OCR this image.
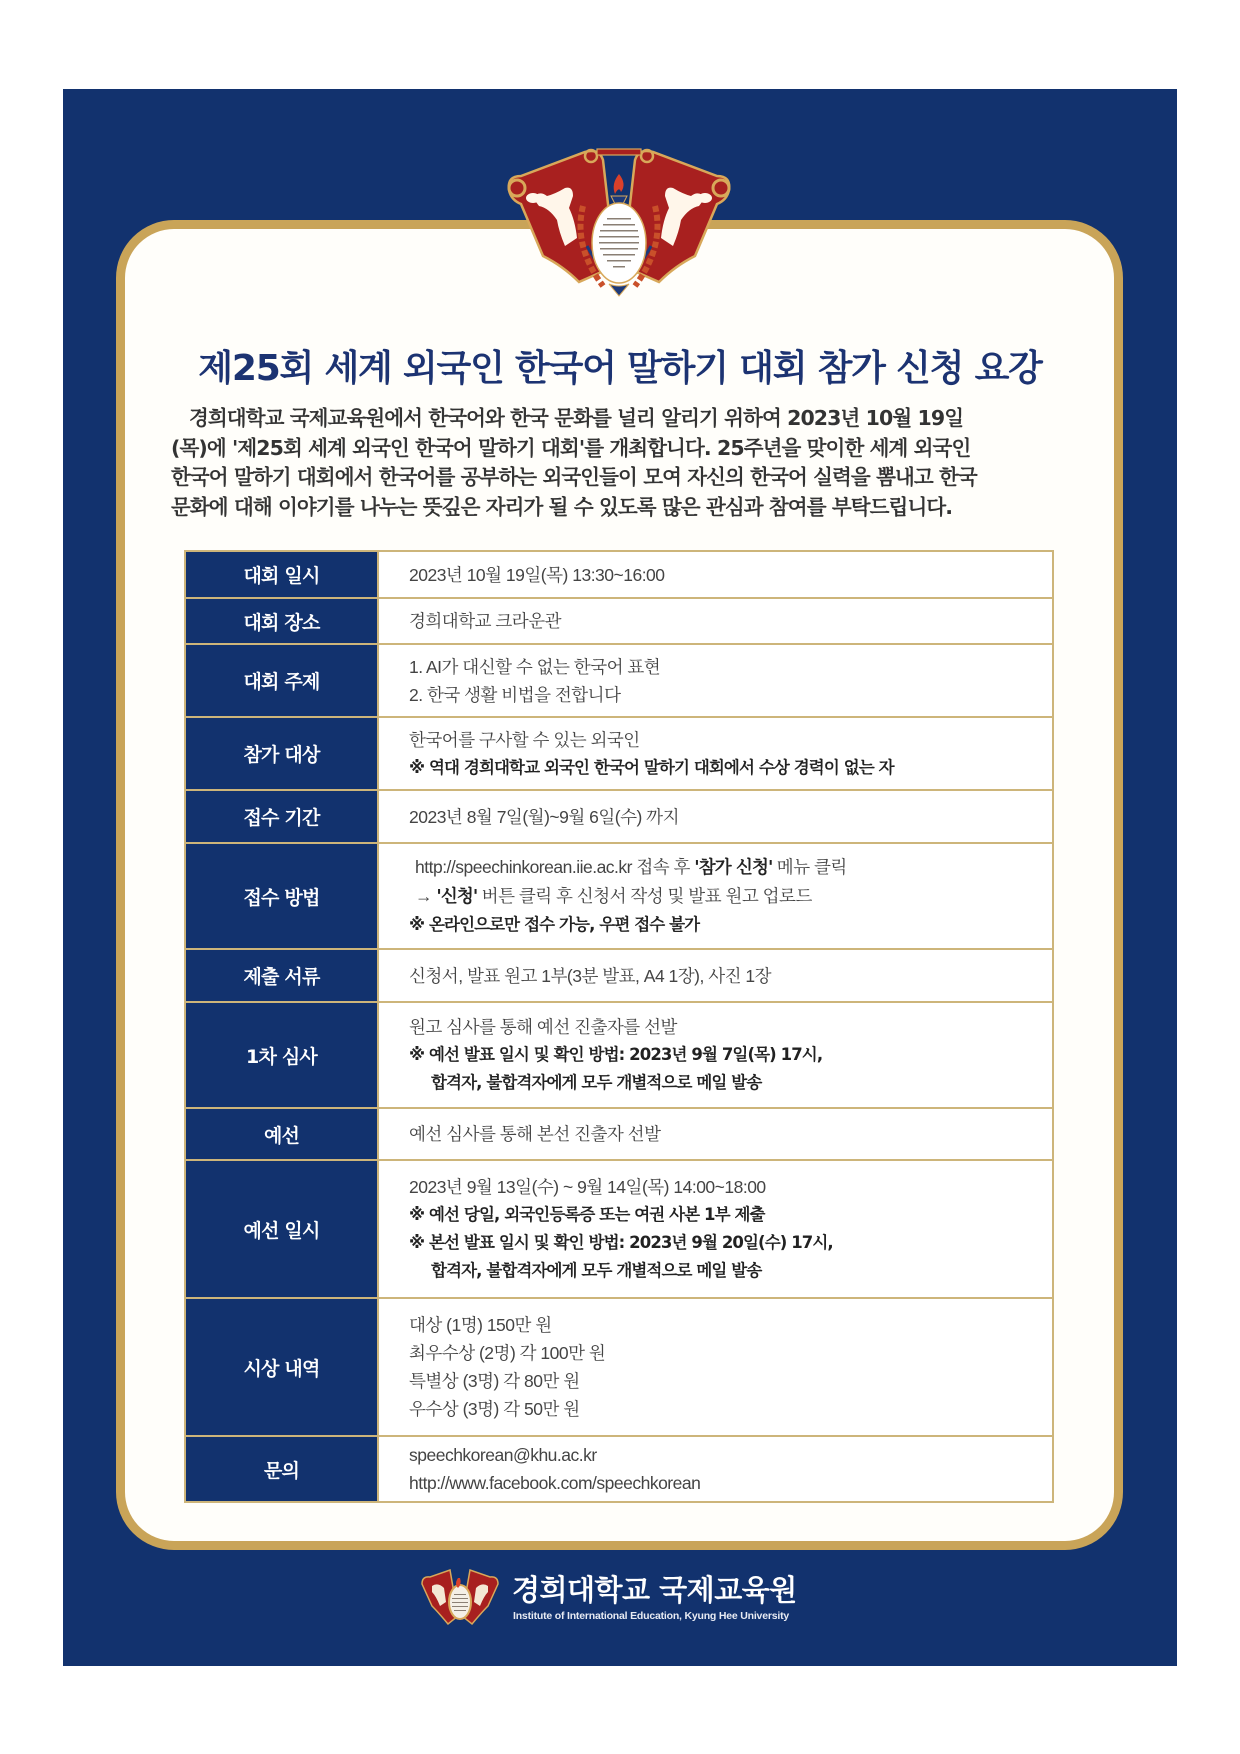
제25회 세계 외국인 한국어 말하기 대회 참가 신청 요강
경희대학교 국제교육원에서 한국어와 한국 문화를 널리 알리기 위하여 2023년 10월 19일
(목)에 '제25회 세계 외국인 한국어 말하기 대회'를 개최합니다. 25주년을 맞이한 세계 외국인
한국어 말하기 대회에서 한국어를 공부하는 외국인들이 모여 자신의 한국어 실력을 뽐내고 한국
문화에 대해 이야기를 나누는 뜻깊은 자리가 될 수 있도록 많은 관심과 참여를 부탁드립니다.
대회 일시	2023년 10월 19일(목) 13:30~16:00

대회 장소	경희대학교 크라운관

대회 주제	1. AI가 대신할 수 없는 한국어 표현
2. 한국 생활 비법을 전합니다

참가 대상	한국어를 구사할 수 있는 외국인
※ 역대 경희대학교 외국인 한국어 말하기 대회에서 수상 경력이 없는 자

접수 기간	2023년 8월 7일(월)~9월 6일(수) 까지

접수 방법	http://speechinkorean.iie.ac.kr 접속 후 '참가 신청' 메뉴 클릭
→ '신청' 버튼 클릭 후 신청서 작성 및 발표 원고 업로드
※ 온라인으로만 접수 가능, 우편 접수 불가

제출 서류	신청서, 발표 원고 1부(3분 발표, A4 1장), 사진 1장

1차 심사	원고 심사를 통해 예선 진출자를 선발
※ 예선 발표 일시 및 확인 방법: 2023년 9월 7일(목) 17시,
합격자, 불합격자에게 모두 개별적으로 메일 발송

예선	예선 심사를 통해 본선 진출자 선발

예선 일시	2023년 9월 13일(수) ~ 9월 14일(목) 14:00~18:00
※ 예선 당일, 외국인등록증 또는 여권 사본 1부 제출
※ 본선 발표 일시 및 확인 방법: 2023년 9월 20일(수) 17시,
합격자, 불합격자에게 모두 개별적으로 메일 발송

시상 내역	대상 (1명) 150만 원
최우수상 (2명) 각 100만 원
특별상 (3명) 각 80만 원
우수상 (3명) 각 50만 원

문의	speechkorean@khu.ac.kr
http://www.facebook.com/speechkorean
경희대학교 국제교육원
Institute of International Education, Kyung Hee University
